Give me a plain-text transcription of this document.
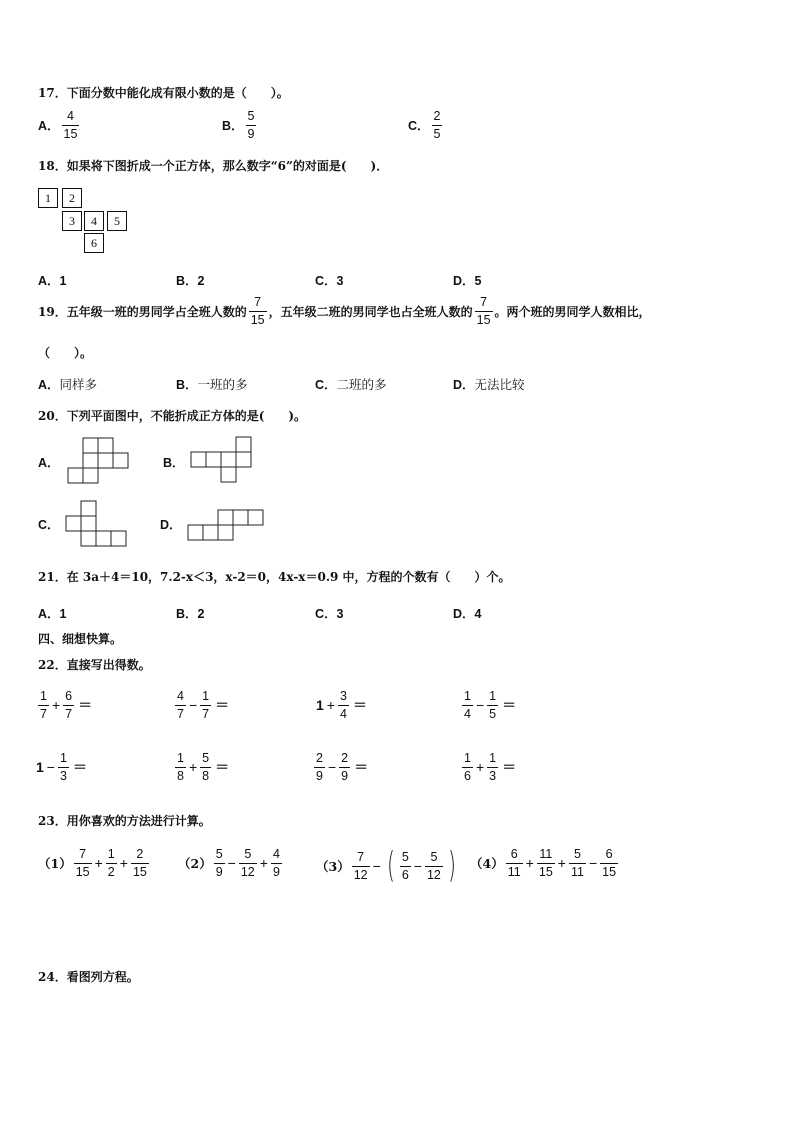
17．下面分数中能化成有限小数的是（　　）。
A． $\frac{4}{15}$	B． $\frac{5}{9}$	C． $\frac{2}{5}$
18．如果将下图折成一个正方体，那么数字“6”的对面是(　　)．
1	2
3	4	5
6
A．1	B．2	C．3	D．5
19．五年级一班的男同学占全班人数的 $\frac{7}{15}$ ，五年级二班的男同学也占全班人数的 $\frac{7}{15}$ 。两个班的男同学人数相比，
（　　）。
A．同样多	B．一班的多	C．二班的多	D．无法比较
20．下列平面图中，不能折成正方体的是(　　)。
A．	B．
C．	D．
21．在 3a＋4＝10，7.2-x＜3，x-2＝0，4x-x＝0.9 中，方程的个数有（　　）个。
A．1	B．2	C．3	D．4
四、细想快算。
22．直接写出得数。
$\frac{1}{7} + \frac{6}{7}$ ＝	$\frac{4}{7} - \frac{1}{7}$ ＝	$1 + \frac{3}{4}$ ＝	$\frac{1}{4} - \frac{1}{5}$ ＝
$1 - \frac{1}{3}$ ＝	$\frac{1}{8} + \frac{5}{8}$ ＝	$\frac{2}{9} - \frac{2}{9}$ ＝	$\frac{1}{6} + \frac{1}{3}$ ＝
23．用你喜欢的方法进行计算。
$(1) \frac{7}{15} + \frac{1}{2} + \frac{2}{15} (2) \frac{5}{9} - \frac{5}{12} + \frac{4}{9}$	$(3) \frac{7}{12}$ − ( $\frac{5}{6} - \frac{5}{12}$ ) $(4) \frac{6}{11} + \frac{11}{15} + \frac{5}{11} - \frac{6}{15}$
24．看图列方程。
